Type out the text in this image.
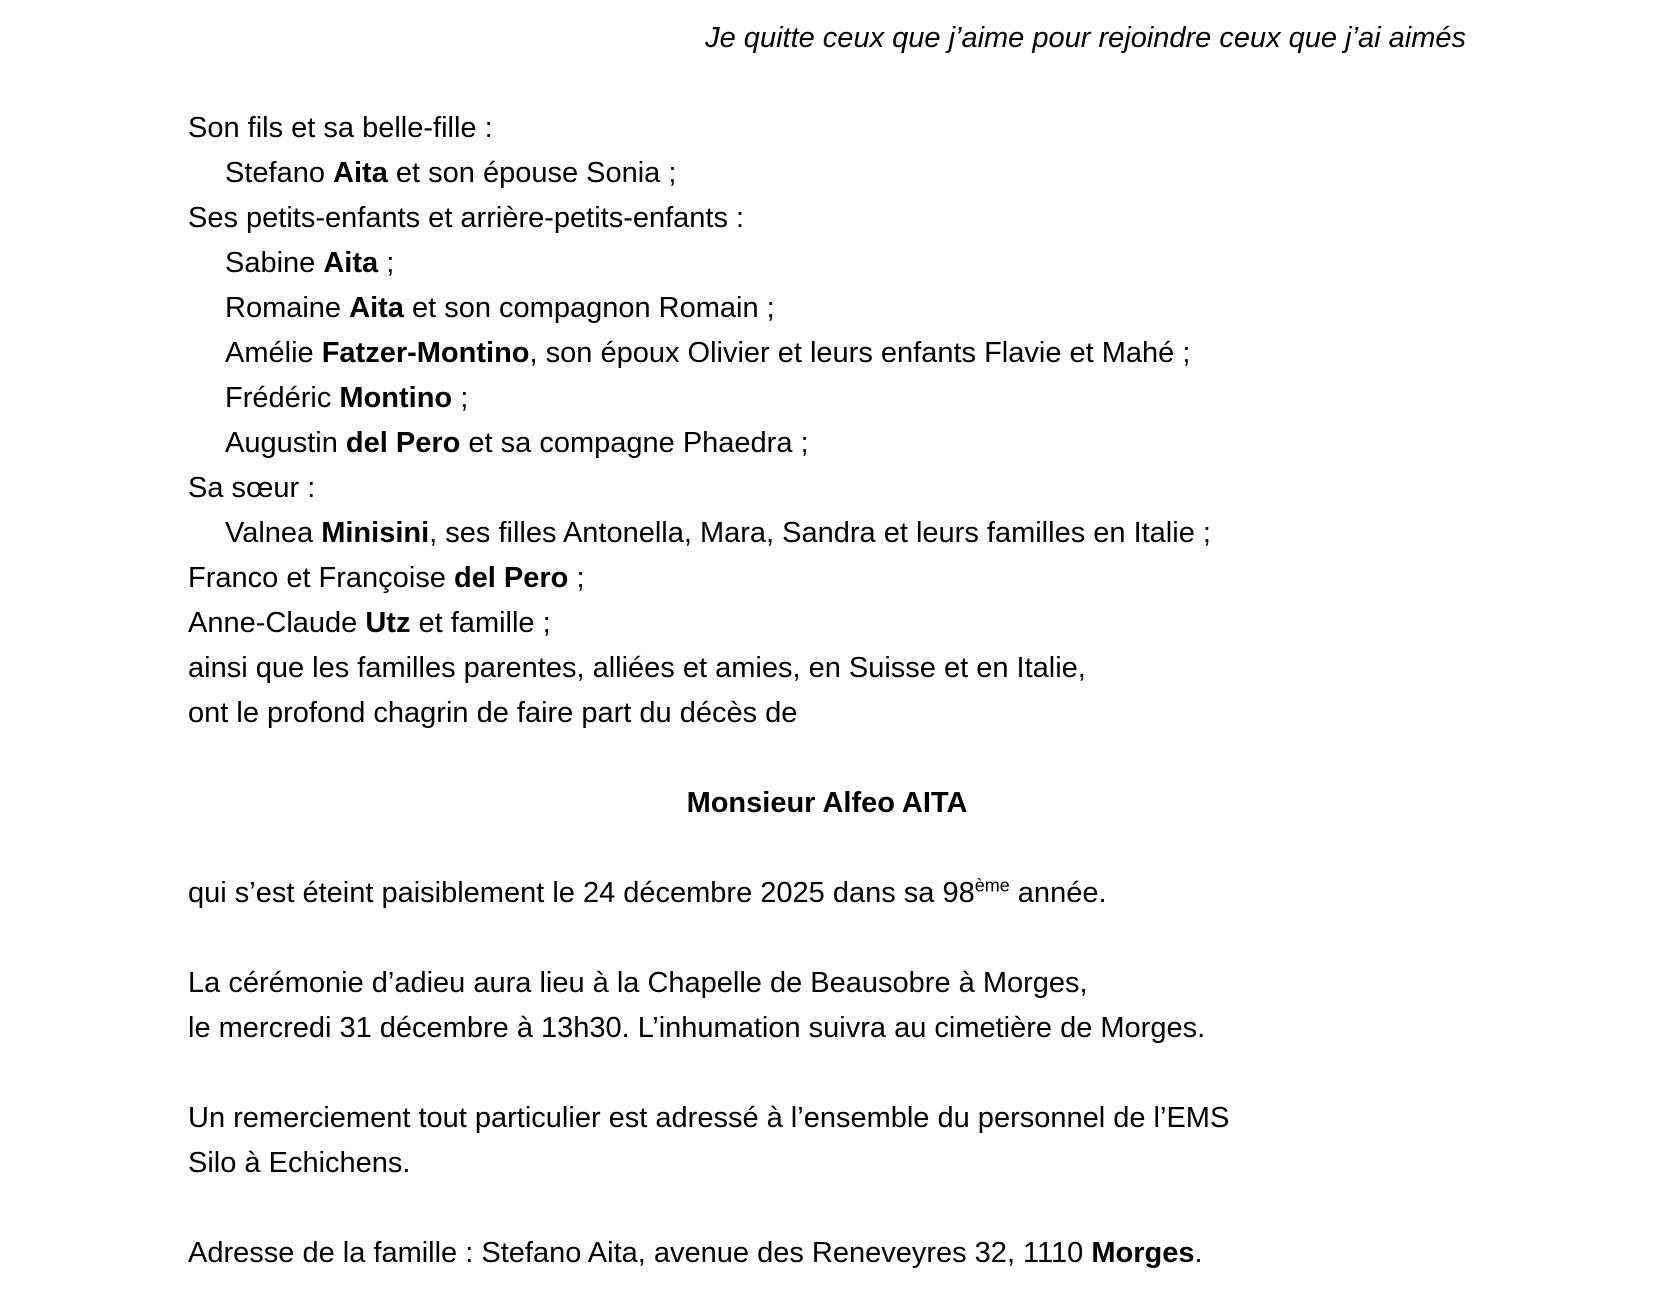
Je quitte ceux que j’aime pour rejoindre ceux que j’ai aimés
Son fils et sa belle-fille :
Stefano Aita et son épouse Sonia ;
Ses petits-enfants et arrière-petits-enfants :
Sabine Aita ;
Romaine Aita et son compagnon Romain ;
Amélie Fatzer-Montino, son époux Olivier et leurs enfants Flavie et Mahé ;
Frédéric Montino ;
Augustin del Pero et sa compagne Phaedra ;
Sa sœur :
Valnea Minisini, ses filles Antonella, Mara, Sandra et leurs familles en Italie ;
Franco et Françoise del Pero ;
Anne-Claude Utz et famille ;
ainsi que les familles parentes, alliées et amies, en Suisse et en Italie,
ont le profond chagrin de faire part du décès de
Monsieur Alfeo AITA
qui s’est éteint paisiblement le 24 décembre 2025 dans sa 98ème année.
La cérémonie d’adieu aura lieu à la Chapelle de Beausobre à Morges,
le mercredi 31 décembre à 13h30. L’inhumation suivra au cimetière de Morges.
Un remerciement tout particulier est adressé à l’ensemble du personnel de l’EMS
Silo à Echichens.
Adresse de la famille : Stefano Aita, avenue des Reneveyres 32, 1110 Morges.
